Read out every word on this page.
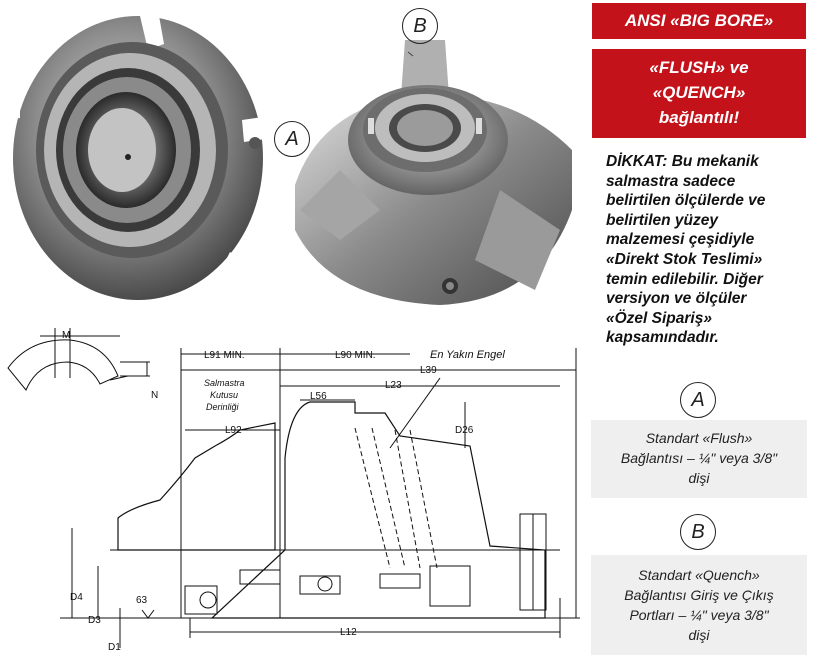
A
B	ANSI «BIG BORE»
«FLUSH» ve
«QUENCH»
bağlantılı!
DİKKAT: Bu mekanik
salmastra sadece
belirtilen ölçülerde ve
belirtilen yüzey
malzemesi çeşidiyle
«Direkt Stok Teslimi»
temin edilebilir. Diğer
versiyon ve ölçüler
«Özel Sipariş»
kapsamındadır.
A
Standart «Flush»
Bağlantısı – ¼" veya 3/8"
dişi
B
Standart «Quench»
Bağlantısı Giriş ve Çıkış
Portları – ¼" veya 3/8"
dişi
M
N
L91 MIN.	L90 MIN.	En Yakın Engel
L39
L23
L56
Salmastra
Kutusu
Derinliği
L92	D26
D4
D3
D1
L12
63
